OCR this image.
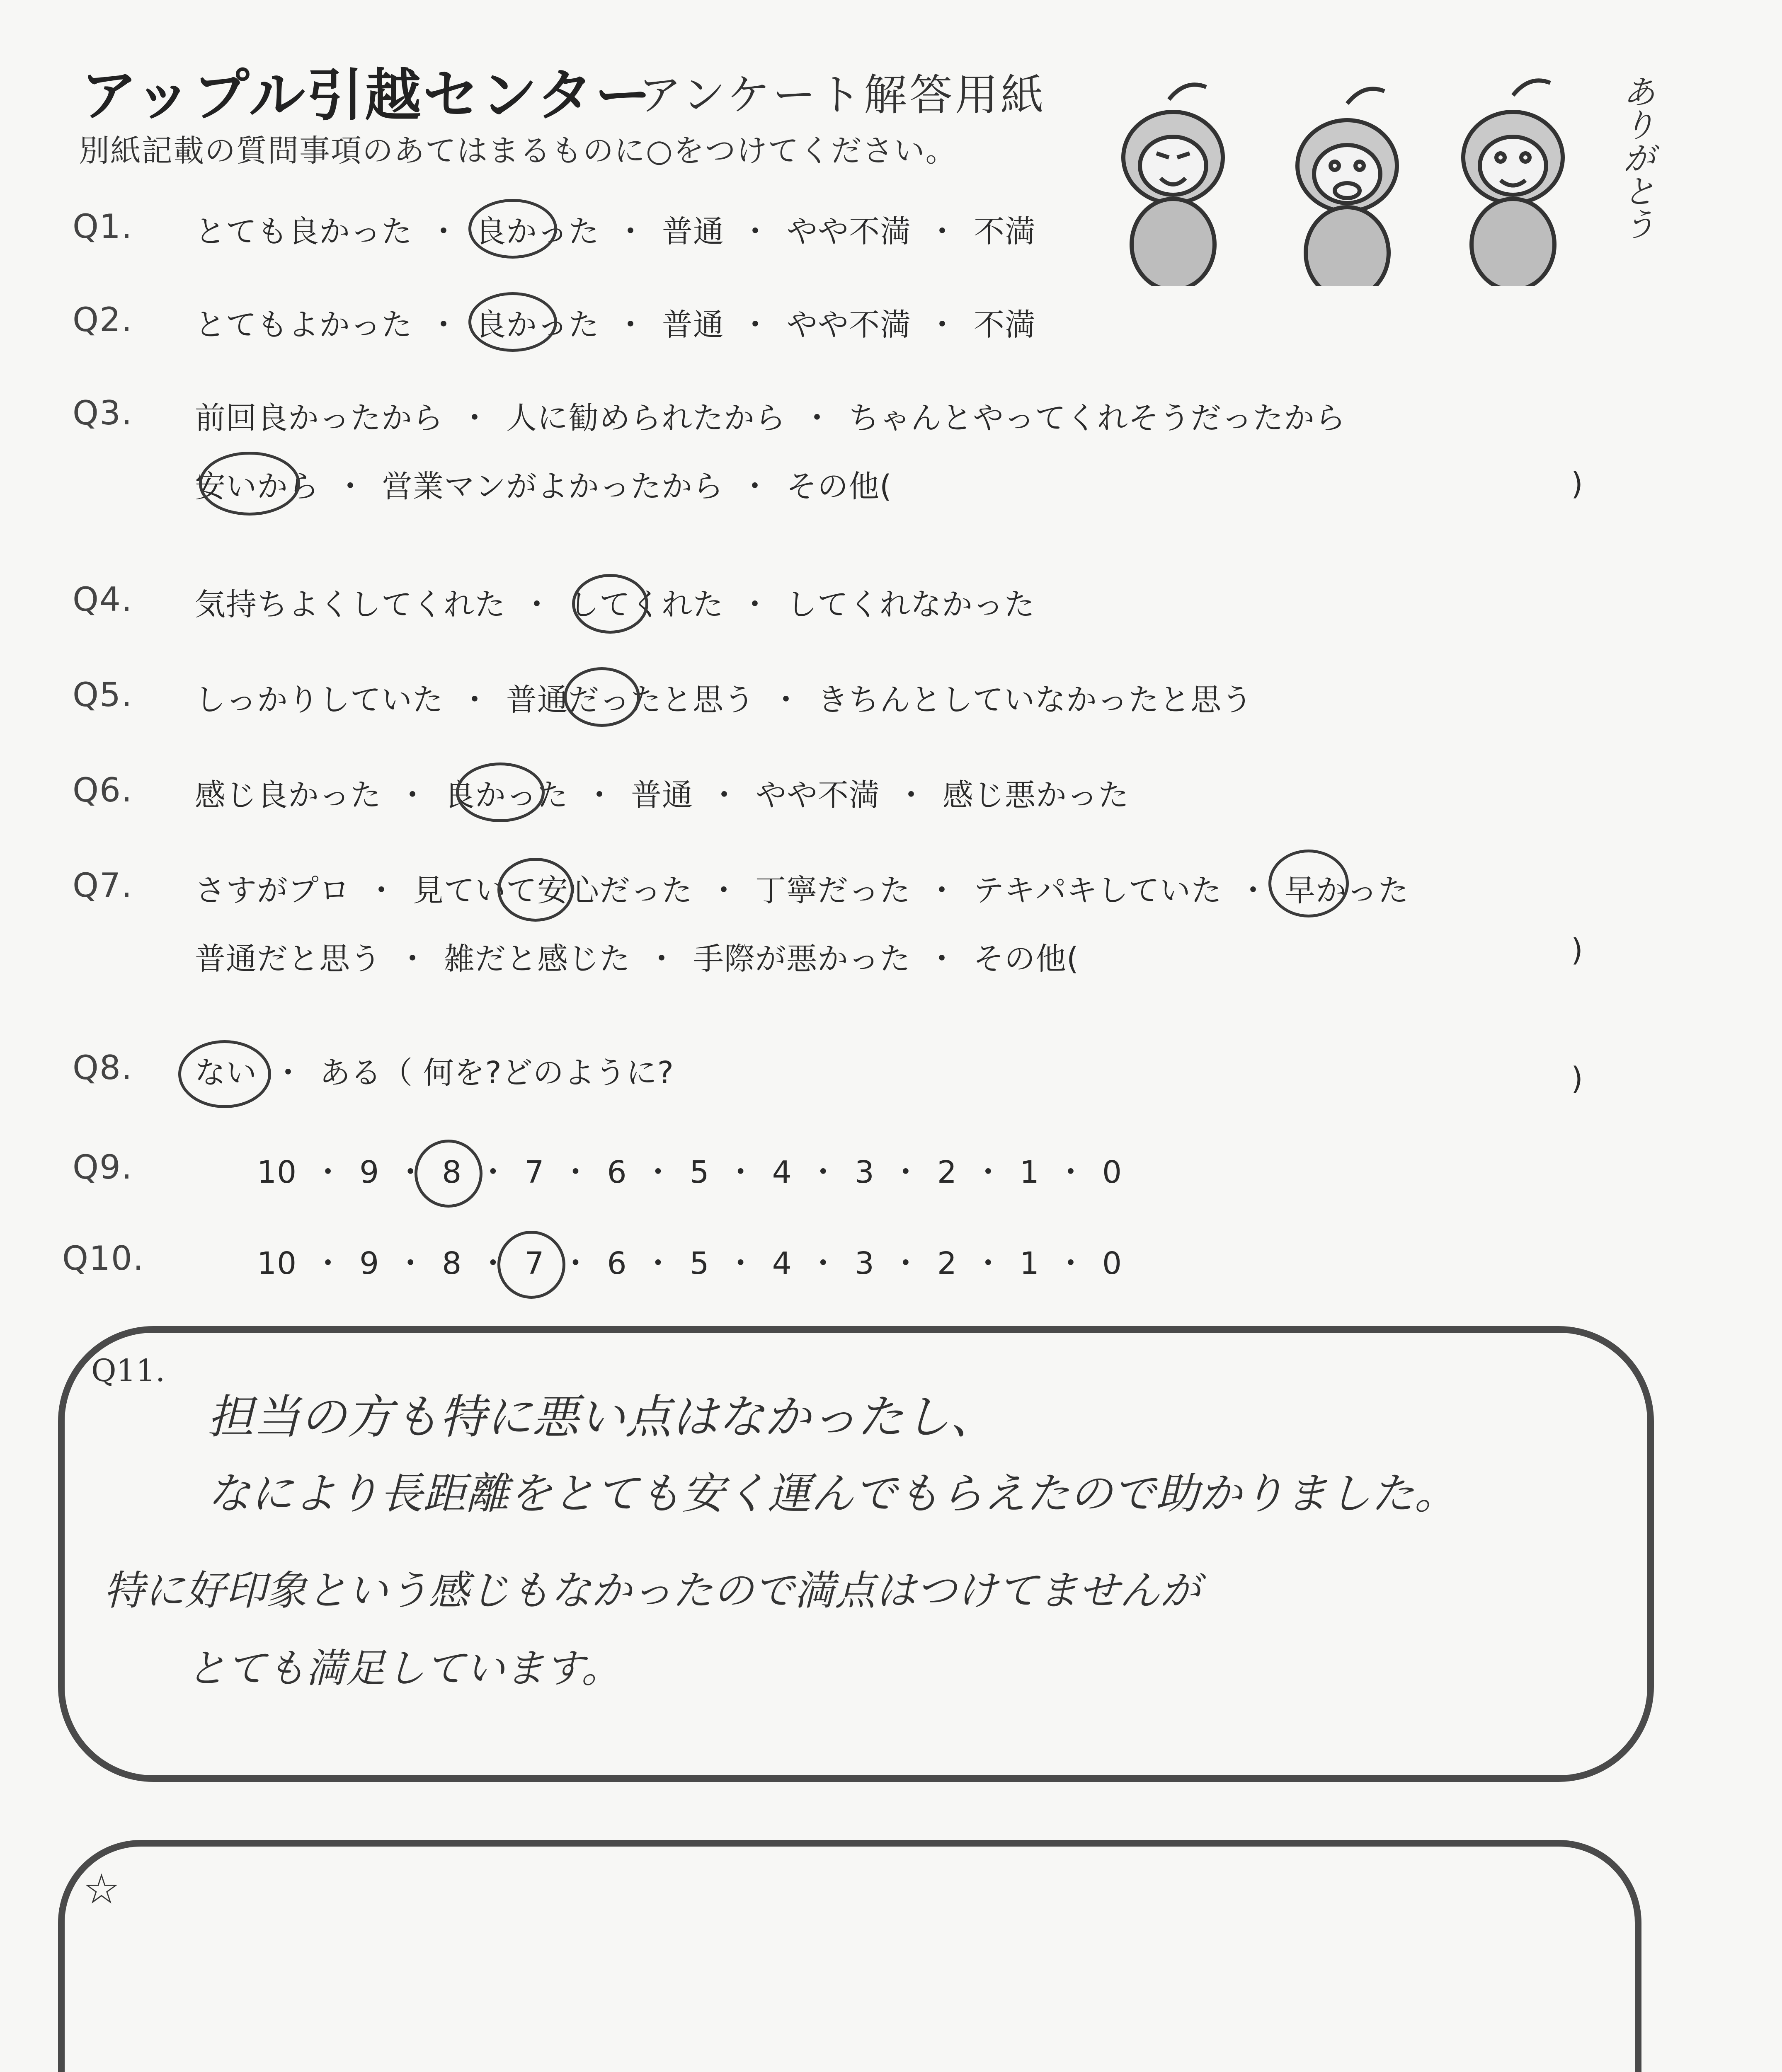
アップル引越センター
アンケート解答用紙
別紙記載の質問事項のあてはまるものに○をつけてください。	ありがとう
Q1. とても良かった ・ 良かった ・ 普通 ・ やや不満 ・ 不満
Q2. とてもよかった ・ 良かった ・ 普通 ・ やや不満 ・ 不満
Q3. 前回良かったから ・ 人に勧められたから ・ ちゃんとやってくれそうだったから
安いから ・ 営業マンがよかったから ・ その他(
Q4. 気持ちよくしてくれた ・ してくれた ・ してくれなかった
Q5. しっかりしていた ・ 普通だったと思う ・ きちんとしていなかったと思う
Q6. 感じ良かった ・ 良かった ・ 普通 ・ やや不満 ・ 感じ悪かった
Q7. さすがプロ ・ 見ていて安心だった ・ 丁寧だった ・ テキパキしていた ・ 早かった
普通だと思う ・ 雑だと感じた ・ 手際が悪かった ・ その他(
Q8. ない ・ ある（ 何を?どのように?
Q9.	10 ・ 9 ・ 8 ・ 7 ・ 6 ・ 5 ・ 4 ・ 3 ・ 2 ・ 1 ・ 0
Q10.	10 ・ 9 ・ 8 ・ 7 ・ 6 ・ 5 ・ 4 ・ 3 ・ 2 ・ 1 ・ 0
)
)
)
Q11.
担当の方も特に悪い点はなかったし、
なにより長距離をとても安く運んでもらえたので助かりました。
特に好印象という感じもなかったので満点はつけてませんが
とても満足しています。
☆
